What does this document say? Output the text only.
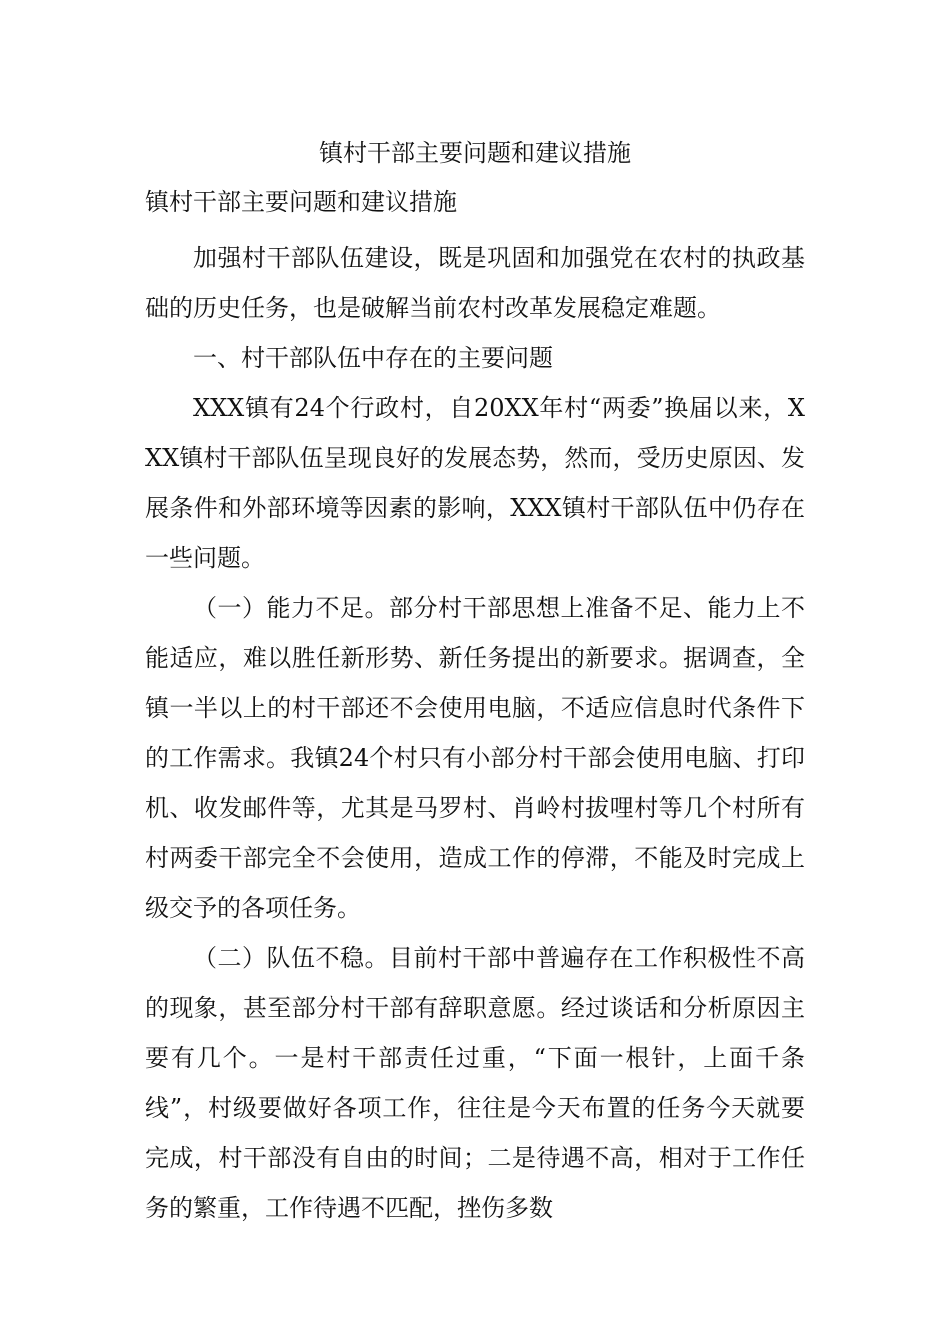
镇村干部主要问题和建议措施
镇村干部主要问题和建议措施

加强村干部队伍建设，既是巩固和加强党在农村的执政基础的历史任务，也是破解当前农村改革发展稳定难题。

一、村干部队伍中存在的主要问题

XXX镇有24个行政村，自20XX年村“两委”换届以来，XXX镇村干部队伍呈现良好的发展态势，然而，受历史原因、发展条件和外部环境等因素的影响，XXX镇村干部队伍中仍存在一些问题。

（一）能力不足。部分村干部思想上准备不足、能力上不能适应，难以胜任新形势、新任务提出的新要求。据调查，全镇一半以上的村干部还不会使用电脑，不适应信息时代条件下的工作需求。我镇24个村只有小部分村干部会使用电脑、打印机、收发邮件等，尤其是马罗村、肖岭村拔哩村等几个村所有村两委干部完全不会使用，造成工作的停滞，不能及时完成上级交予的各项任务。

（二）队伍不稳。目前村干部中普遍存在工作积极性不高的现象，甚至部分村干部有辞职意愿。经过谈话和分析原因主要有几个。一是村干部责任过重，“下面一根针，上面千条线”，村级要做好各项工作，往往是今天布置的任务今天就要完成，村干部没有自由的时间；二是待遇不高，相对于工作任务的繁重，工作待遇不匹配，挫伤多数
